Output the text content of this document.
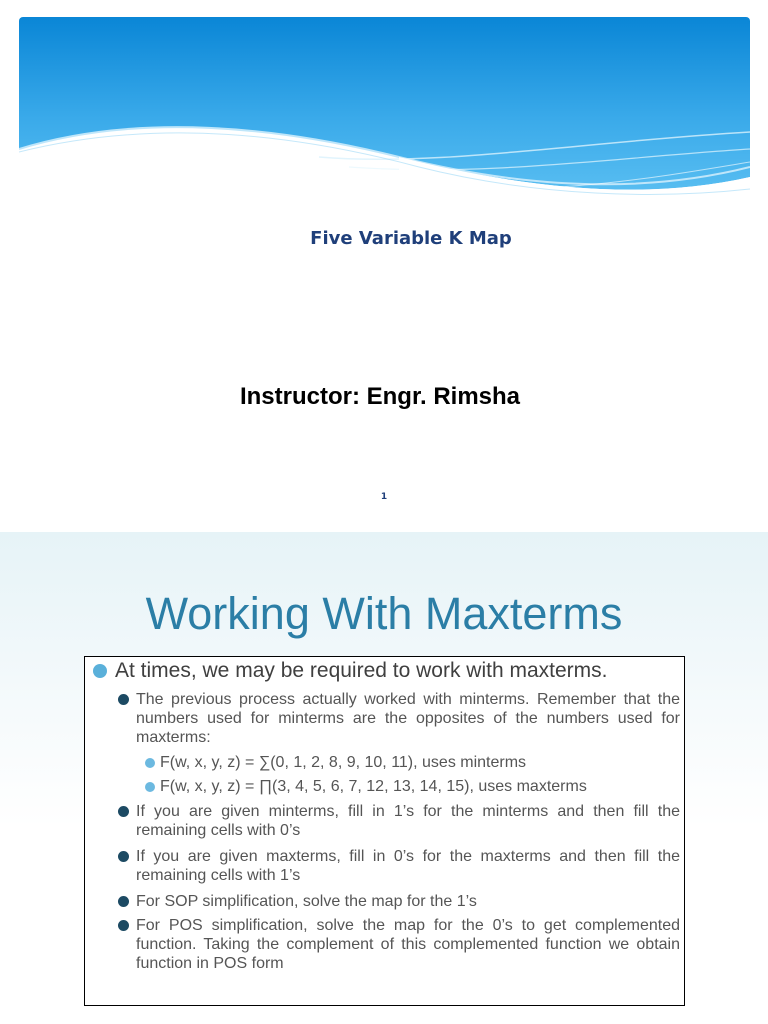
Five Variable K Map
Instructor: Engr. Rimsha
1
Working With Maxterms
At times, we may be required to work with maxterms.
The previous process actually worked with minterms. Remember that the numbers used for minterms are the opposites of the numbers used for maxterms:
F(w, x, y, z) = ∑(0, 1, 2, 8, 9, 10, 11), uses minterms
F(w, x, y, z) = ∏(3, 4, 5, 6, 7, 12, 13, 14, 15), uses maxterms
If you are given minterms, fill in 1’s for the minterms and then fill the remaining cells with 0’s
If you are given maxterms, fill in 0’s for the maxterms and then fill the remaining cells with 1’s
For SOP simplification, solve the map for the 1’s
For POS simplification, solve the map for the 0’s to get complemented function. Taking the complement of this complemented function we obtain function in POS form
